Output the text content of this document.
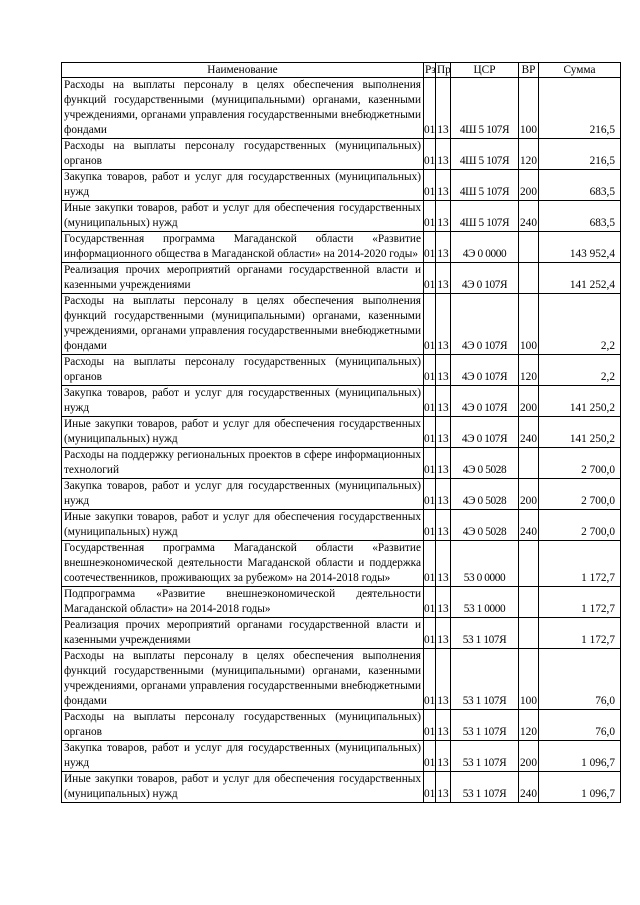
Наименование	Рз	Пр	ЦСР	ВР	Сумма
Расходы на выплаты персоналу в целях обеспечения выполнения функций государственными (муниципальными) органами, казенными учреждениями, органами управления государственными внебюджетными фондами	01	13	4Ш 5 107Я	100	216,5
Расходы на выплаты персоналу государственных (муниципальных) органов	01	13	4Ш 5 107Я	120	216,5
Закупка товаров, работ и услуг для государственных (муниципальных) нужд	01	13	4Ш 5 107Я	200	683,5
Иные закупки товаров, работ и услуг для обеспечения государственных (муниципальных) нужд	01	13	4Ш 5 107Я	240	683,5
Государственная программа Магаданской области «Развитие информационного общества в Магаданской области» на 2014-2020 годы»	01	13	4Э 0 0000		143 952,4
Реализация прочих мероприятий органами государственной власти и казенными учреждениями	01	13	4Э 0 107Я		141 252,4
Расходы на выплаты персоналу в целях обеспечения выполнения функций государственными (муниципальными) органами, казенными учреждениями, органами управления государственными внебюджетными фондами	01	13	4Э 0 107Я	100	2,2
Расходы на выплаты персоналу государственных (муниципальных) органов	01	13	4Э 0 107Я	120	2,2
Закупка товаров, работ и услуг для государственных (муниципальных) нужд	01	13	4Э 0 107Я	200	141 250,2
Иные закупки товаров, работ и услуг для обеспечения государственных (муниципальных) нужд	01	13	4Э 0 107Я	240	141 250,2
Расходы на поддержку региональных проектов в сфере информационных технологий	01	13	4Э 0 5028		2 700,0
Закупка товаров, работ и услуг для государственных (муниципальных) нужд	01	13	4Э 0 5028	200	2 700,0
Иные закупки товаров, работ и услуг для обеспечения государственных (муниципальных) нужд	01	13	4Э 0 5028	240	2 700,0
Государственная программа Магаданской области «Развитие внешнеэкономической деятельности Магаданской области и поддержка соотечественников, проживающих за рубежом» на 2014-2018 годы»	01	13	53 0 0000		1 172,7
Подпрограмма «Развитие внешнеэкономической деятельности Магаданской области» на 2014-2018 годы»	01	13	53 1 0000		1 172,7
Реализация прочих мероприятий органами государственной власти и казенными учреждениями	01	13	53 1 107Я		1 172,7
Расходы на выплаты персоналу в целях обеспечения выполнения функций государственными (муниципальными) органами, казенными учреждениями, органами управления государственными внебюджетными фондами	01	13	53 1 107Я	100	76,0
Расходы на выплаты персоналу государственных (муниципальных) органов	01	13	53 1 107Я	120	76,0
Закупка товаров, работ и услуг для государственных (муниципальных) нужд	01	13	53 1 107Я	200	1 096,7
Иные закупки товаров, работ и услуг для обеспечения государственных (муниципальных) нужд	01	13	53 1 107Я	240	1 096,7
